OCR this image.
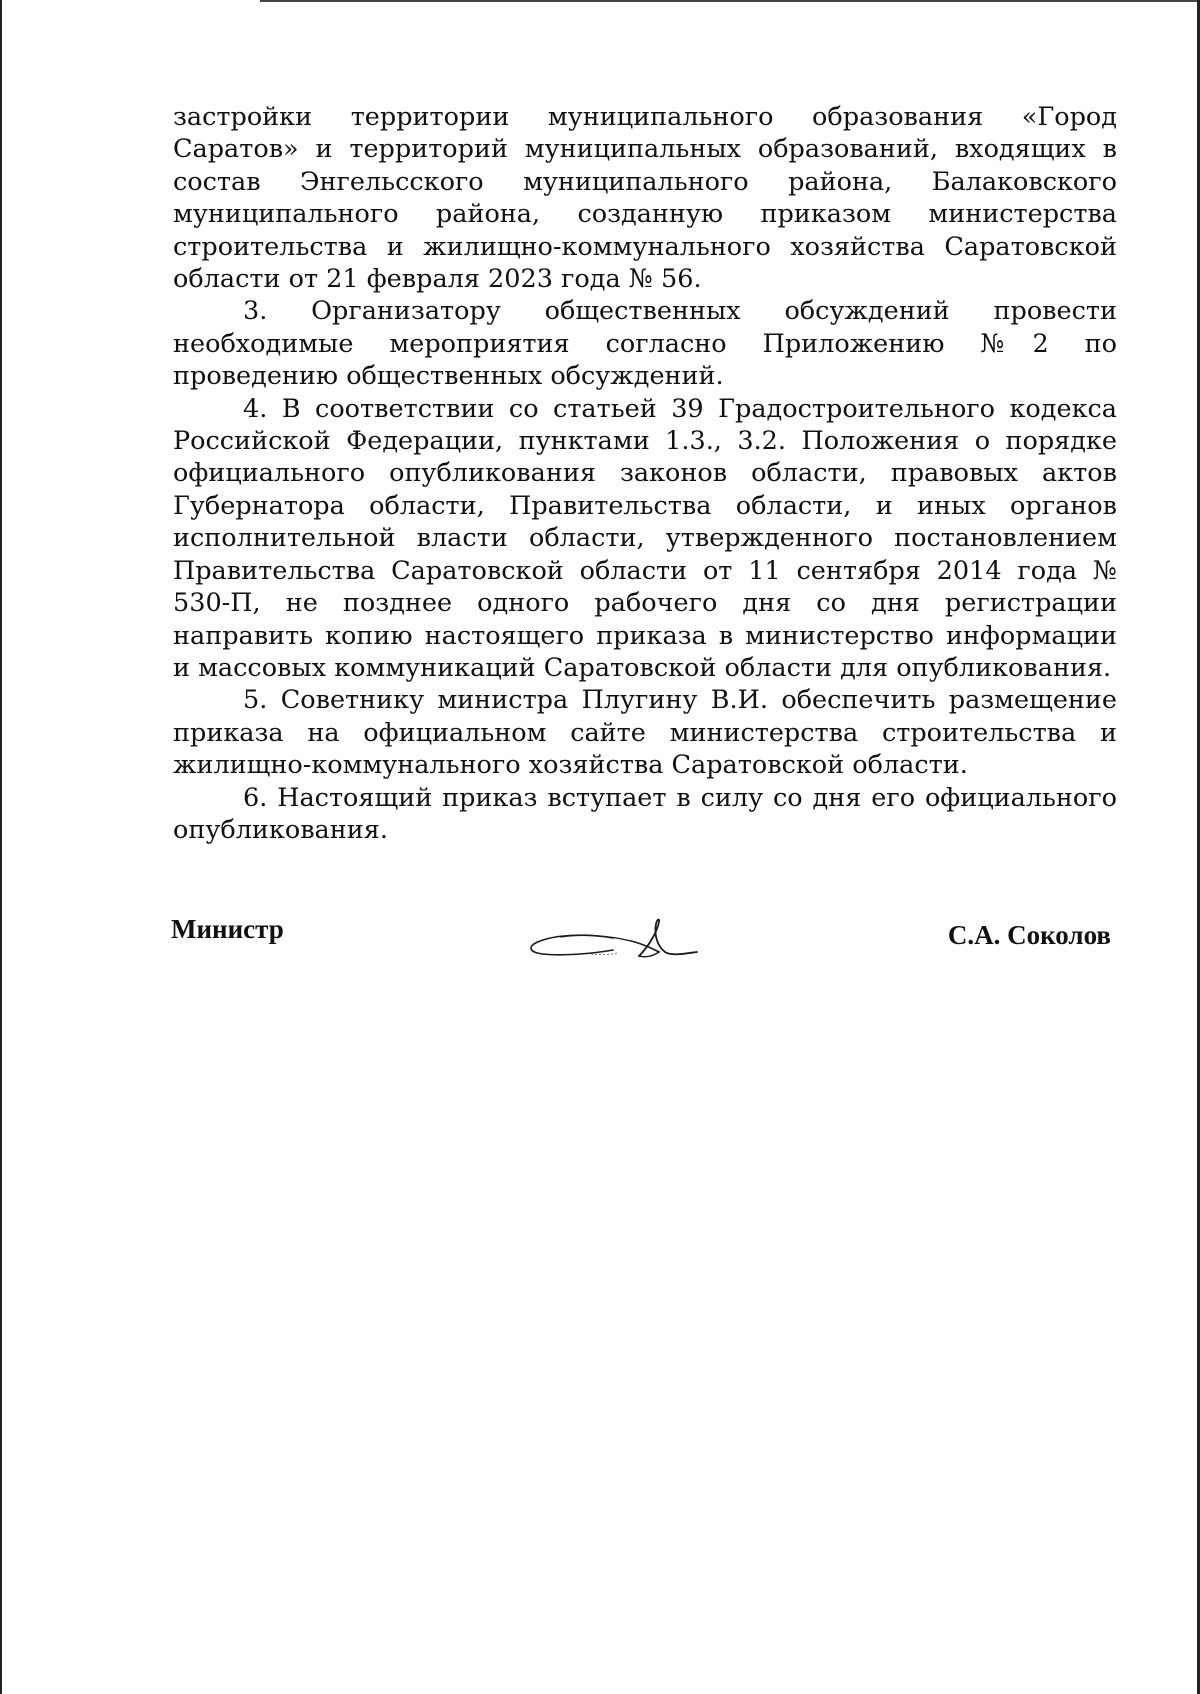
застройки территории муниципального образования «Город Саратов» и территорий муниципальных образований, входящих в состав Энгельсского муниципального района, Балаковского муниципального района, созданную приказом министерства строительства и жилищно-коммунального хозяйства Саратовской области от 21 февраля 2023 года № 56.

3. Организатору общественных обсуждений провести необходимые мероприятия согласно Приложению №2 по проведению общественных обсуждений.

4. В соответствии со статьей 39 Градостроительного кодекса Российской Федерации, пунктами 1.3., 3.2. Положения о порядке официального опубликования законов области, правовых актов Губернатора области, Правительства области, и иных органов исполнительной власти области, утвержденного постановлением Правительства Саратовской области от 11 сентября 2014 года № 530-П, не позднее одного рабочего дня со дня регистрации направить копию настоящего приказа в министерство информации и массовых коммуникаций Саратовской области для опубликования.

5. Советнику министра Плугину В.И. обеспечить размещение приказа на официальном сайте министерства строительства и жилищно-коммунального хозяйства Саратовской области.

6. Настоящий приказ вступает в силу со дня его официального опубликования.

Министр	С.А. Соколов
